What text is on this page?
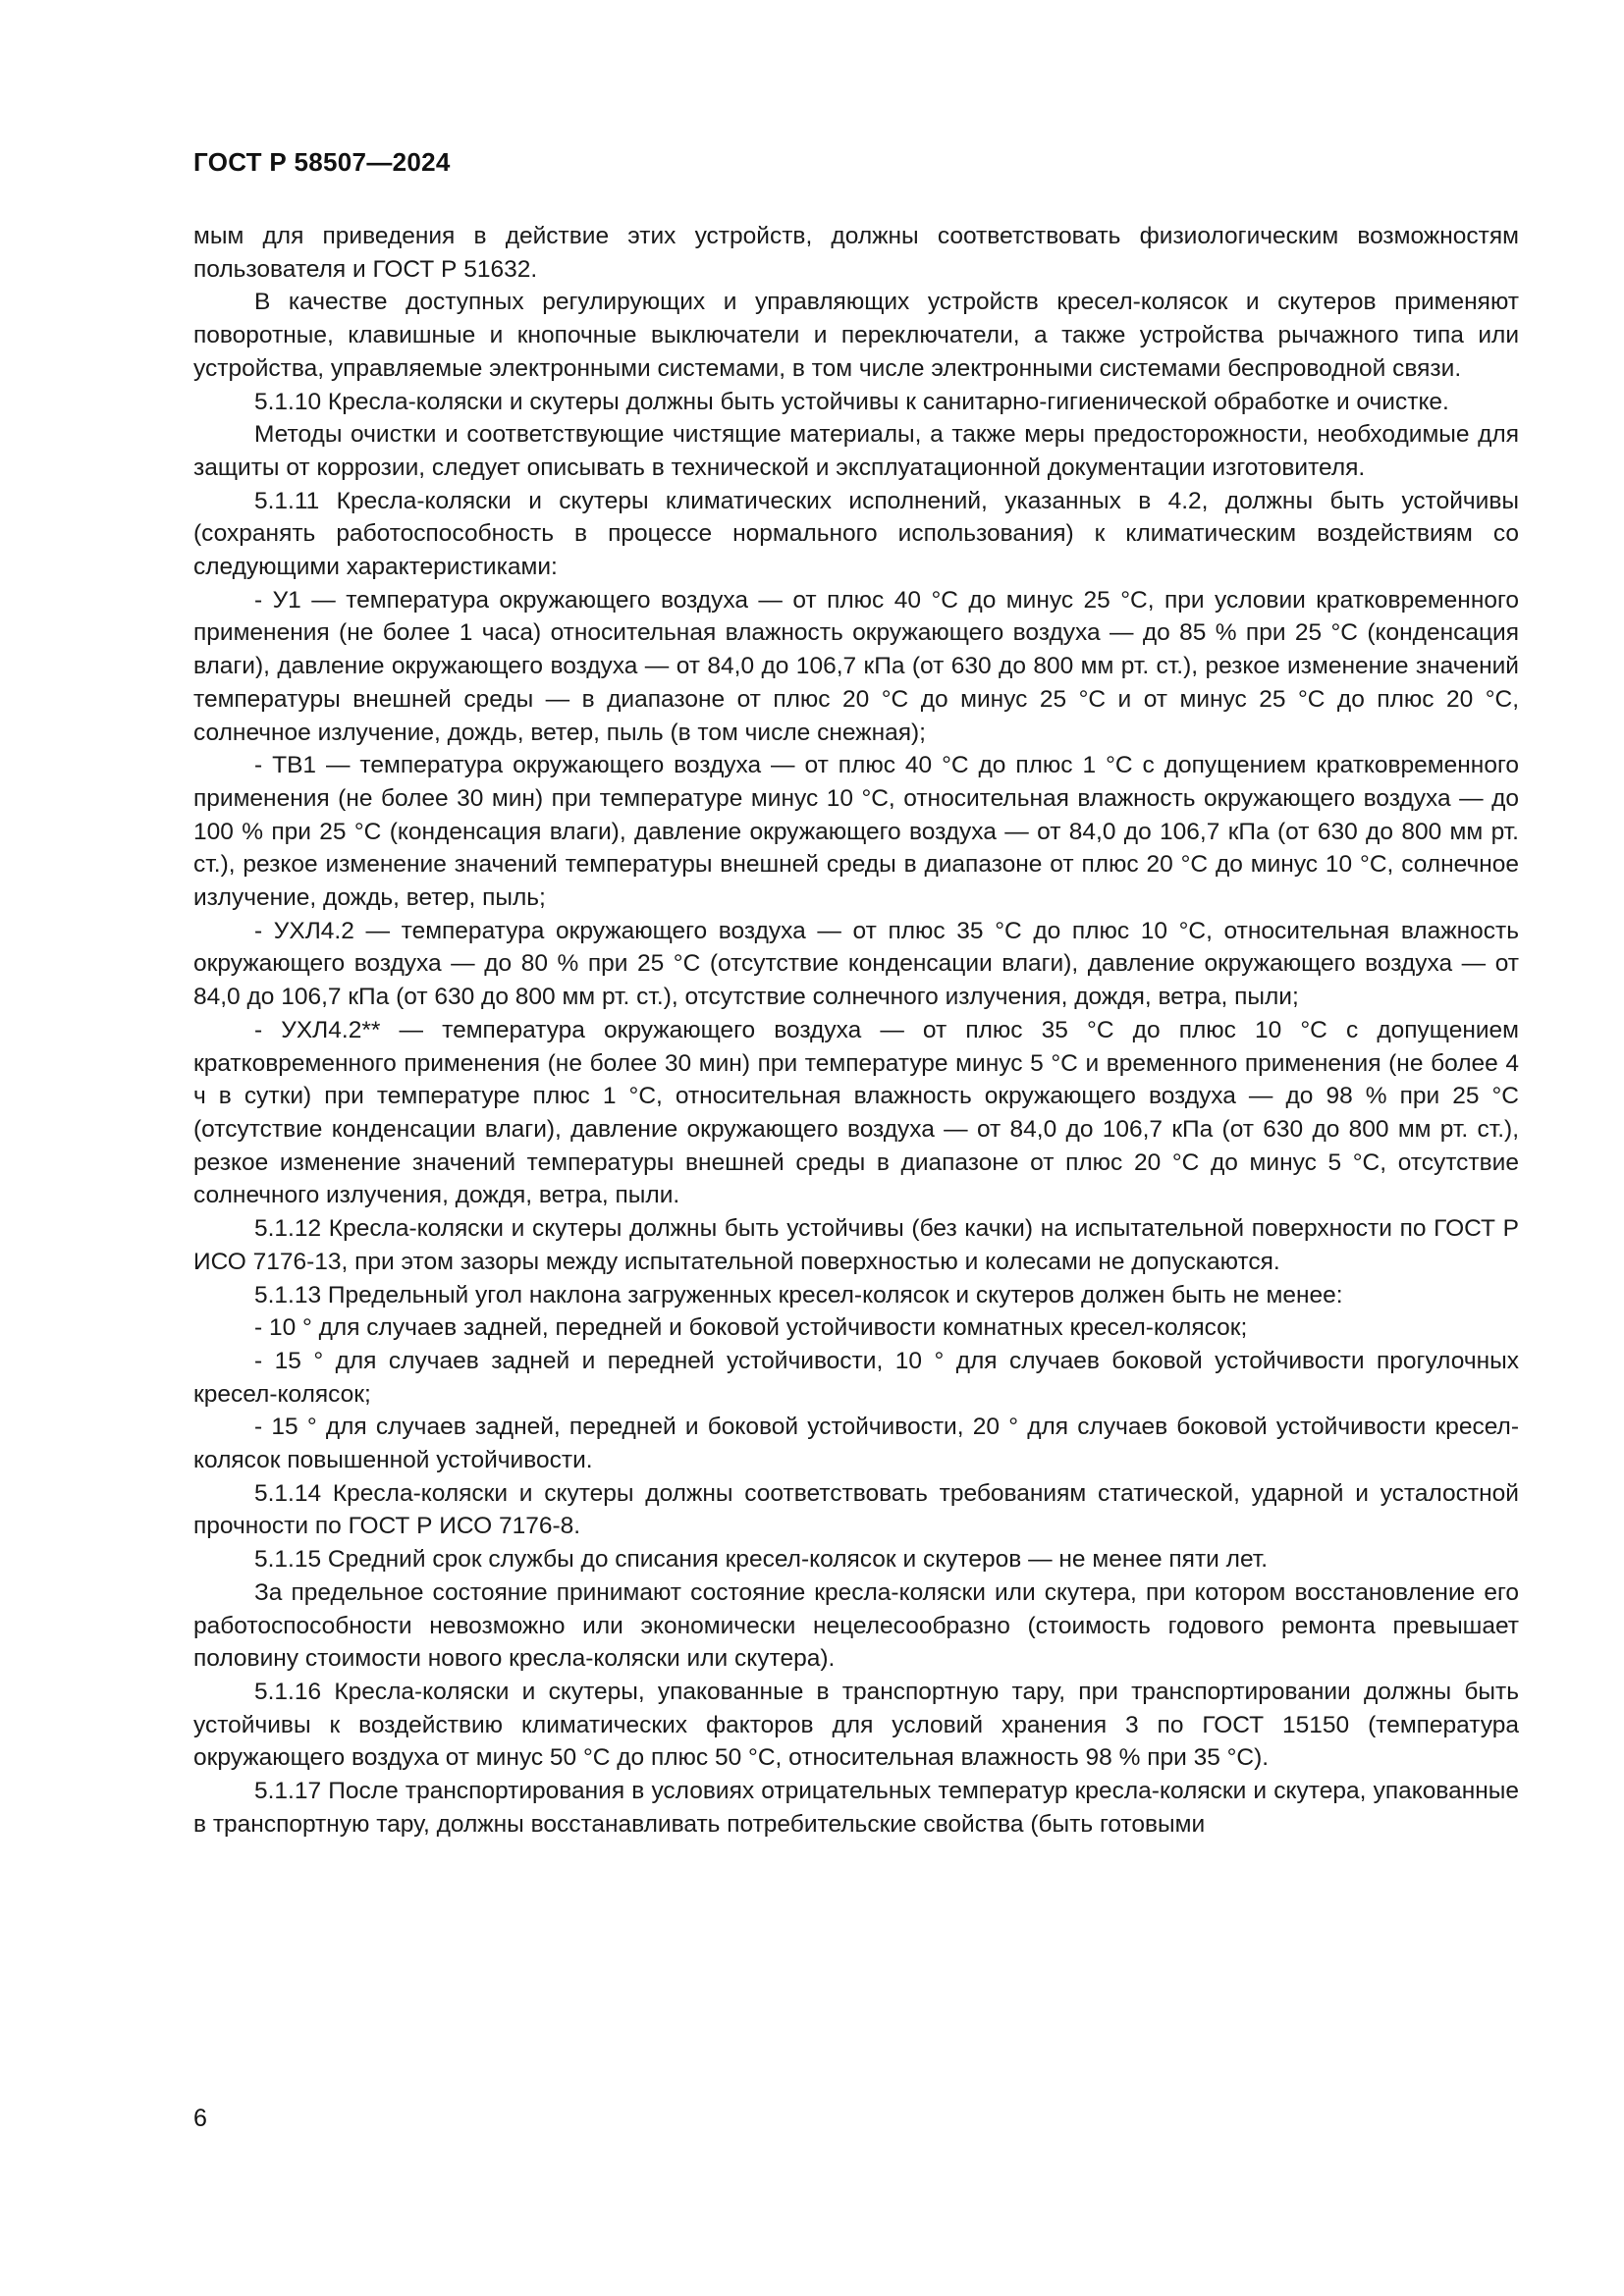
ГОСТ Р 58507—2024

мым для приведения в действие этих устройств, должны соответствовать физиологическим возможностям пользователя и ГОСТ Р 51632.

В качестве доступных регулирующих и управляющих устройств кресел-колясок и скутеров применяют поворотные, клавишные и кнопочные выключатели и переключатели, а также устройства рычажного типа или устройства, управляемые электронными системами, в том числе электронными системами беспроводной связи.

5.1.10 Кресла-коляски и скутеры должны быть устойчивы к санитарно-гигиенической обработке и очистке.

Методы очистки и соответствующие чистящие материалы, а также меры предосторожности, необходимые для защиты от коррозии, следует описывать в технической и эксплуатационной документации изготовителя.

5.1.11 Кресла-коляски и скутеры климатических исполнений, указанных в 4.2, должны быть устойчивы (сохранять работоспособность в процессе нормального использования) к климатическим воздействиям со следующими характеристиками:

- У1 — температура окружающего воздуха — от плюс 40 °С до минус 25 °С, при условии кратковременного применения (не более 1 часа) относительная влажность окружающего воздуха — до 85 % при 25 °С (конденсация влаги), давление окружающего воздуха — от 84,0 до 106,7 кПа (от 630 до 800 мм рт. ст.), резкое изменение значений температуры внешней среды — в диапазоне от плюс 20 °С до минус 25 °С и от минус 25 °С до плюс 20 °С, солнечное излучение, дождь, ветер, пыль (в том числе снежная);

- ТВ1 — температура окружающего воздуха — от плюс 40 °С до плюс 1 °С с допущением кратковременного применения (не более 30 мин) при температуре минус 10 °С, относительная влажность окружающего воздуха — до 100 % при 25 °С (конденсация влаги), давление окружающего воздуха — от 84,0 до 106,7 кПа (от 630 до 800 мм рт. ст.), резкое изменение значений температуры внешней среды в диапазоне от плюс 20 °С до минус 10 °С, солнечное излучение, дождь, ветер, пыль;

- УХЛ4.2 — температура окружающего воздуха — от плюс 35 °С до плюс 10 °С, относительная влажность окружающего воздуха — до 80 % при 25 °С (отсутствие конденсации влаги), давление окружающего воздуха — от 84,0 до 106,7 кПа (от 630 до 800 мм рт. ст.), отсутствие солнечного излучения, дождя, ветра, пыли;

- УХЛ4.2** — температура окружающего воздуха — от плюс 35 °С до плюс 10 °С с допущением кратковременного применения (не более 30 мин) при температуре минус 5 °С и временного применения (не более 4 ч в сутки) при температуре плюс 1 °С, относительная влажность окружающего воздуха — до 98 % при 25 °С (отсутствие конденсации влаги), давление окружающего воздуха — от 84,0 до 106,7 кПа (от 630 до 800 мм рт. ст.), резкое изменение значений температуры внешней среды в диапазоне от плюс 20 °С до минус 5 °С, отсутствие солнечного излучения, дождя, ветра, пыли.

5.1.12 Кресла-коляски и скутеры должны быть устойчивы (без качки) на испытательной поверхности по ГОСТ Р ИСО 7176-13, при этом зазоры между испытательной поверхностью и колесами не допускаются.

5.1.13 Предельный угол наклона загруженных кресел-колясок и скутеров должен быть не менее:

- 10 ° для случаев задней, передней и боковой устойчивости комнатных кресел-колясок;

- 15 ° для случаев задней и передней устойчивости, 10 ° для случаев боковой устойчивости прогулочных кресел-колясок;

- 15 ° для случаев задней, передней и боковой устойчивости, 20 ° для случаев боковой устойчивости кресел-колясок повышенной устойчивости.

5.1.14 Кресла-коляски и скутеры должны соответствовать требованиям статической, ударной и усталостной прочности по ГОСТ Р ИСО 7176-8.

5.1.15 Средний срок службы до списания кресел-колясок и скутеров — не менее пяти лет.

За предельное состояние принимают состояние кресла-коляски или скутера, при котором восстановление его работоспособности невозможно или экономически нецелесообразно (стоимость годового ремонта превышает половину стоимости нового кресла-коляски или скутера).

5.1.16 Кресла-коляски и скутеры, упакованные в транспортную тару, при транспортировании должны быть устойчивы к воздействию климатических факторов для условий хранения 3 по ГОСТ 15150 (температура окружающего воздуха от минус 50 °С до плюс 50 °С, относительная влажность 98 % при 35 °С).

5.1.17 После транспортирования в условиях отрицательных температур кресла-коляски и скутера, упакованные в транспортную тару, должны восстанавливать потребительские свойства (быть готовыми

6
